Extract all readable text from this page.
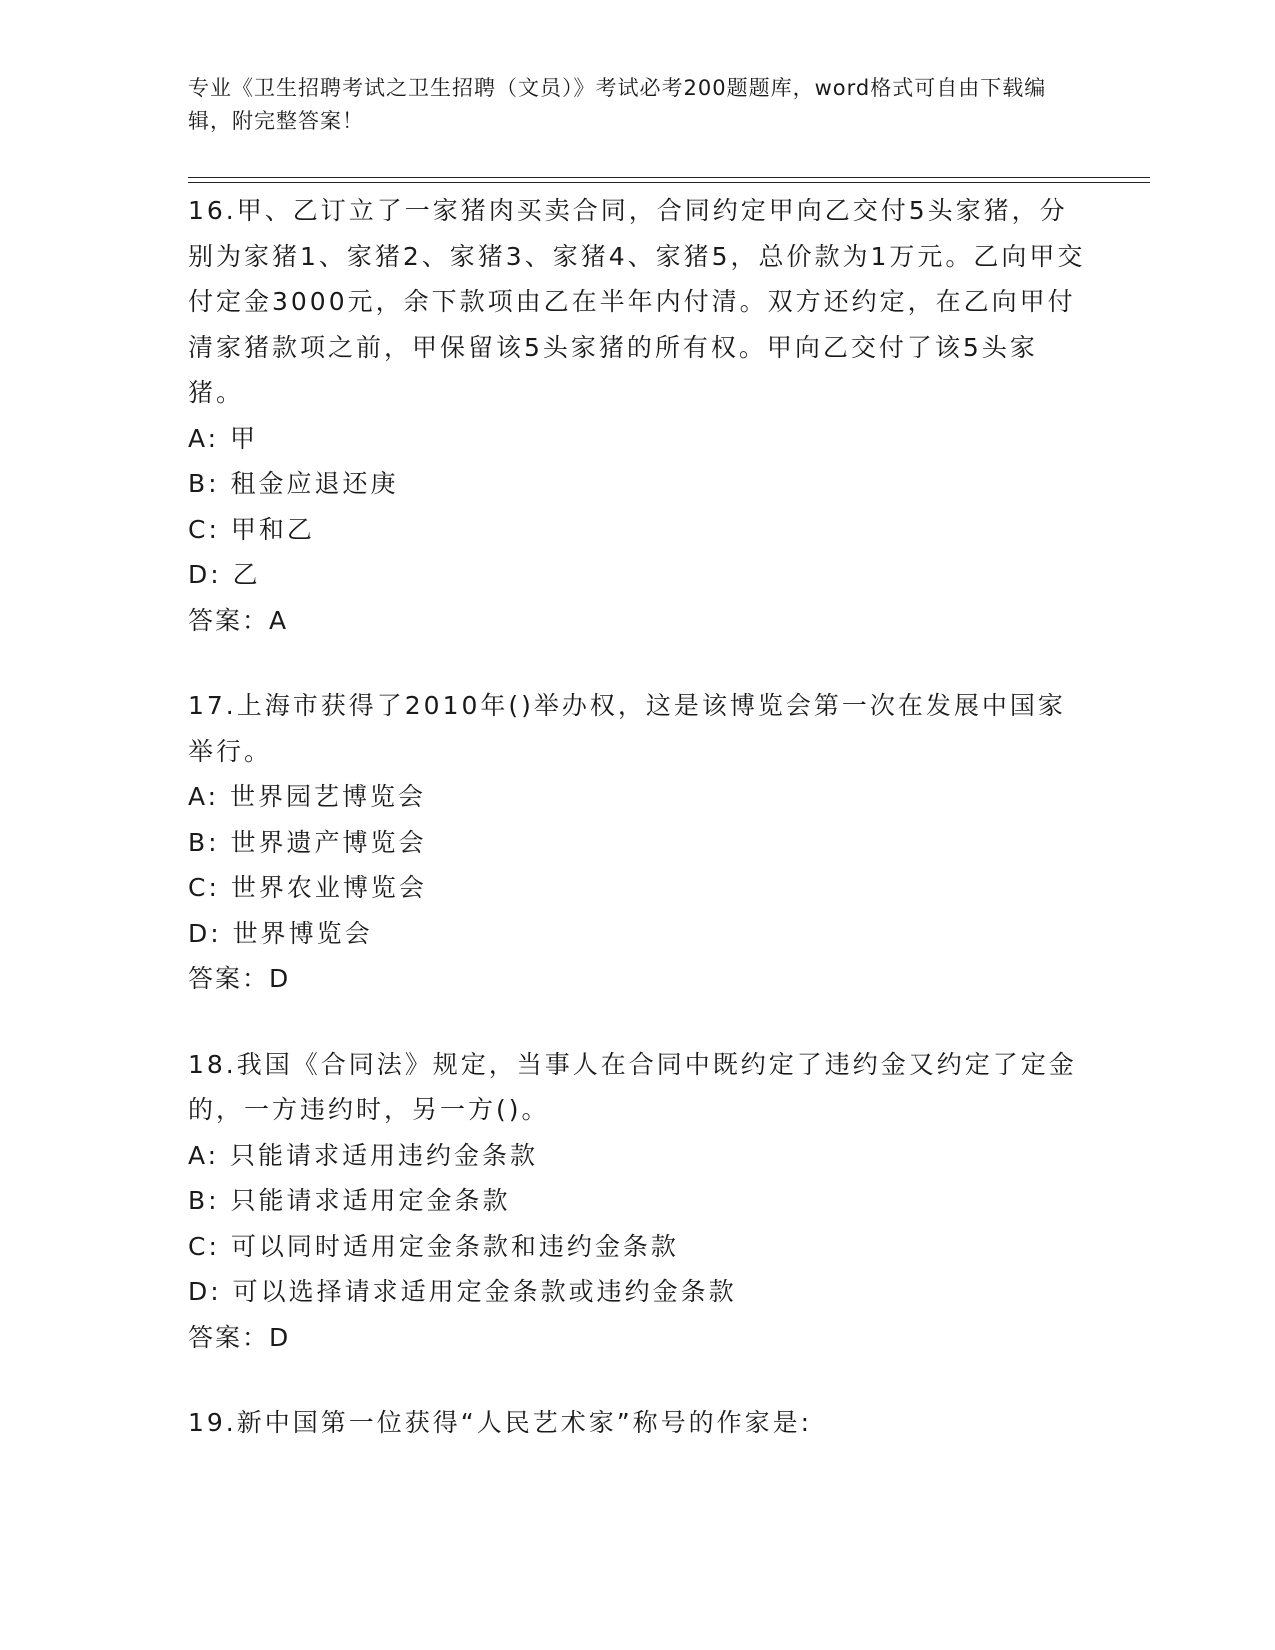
专业《卫生招聘考试之卫生招聘（文员）》考试必考200题题库，word格式可自由下载编辑，附完整答案！

16.甲、乙订立了一家猪肉买卖合同，合同约定甲向乙交付5头家猪，分别为家猪1、家猪2、家猪3、家猪4、家猪5，总价款为1万元。乙向甲交付定金3000元，余下款项由乙在半年内付清。双方还约定，在乙向甲付清家猪款项之前，甲保留该5头家猪的所有权。甲向乙交付了该5头家猪。

A: 甲

B: 租金应退还庚

C: 甲和乙

D: 乙

答案：A

17.上海市获得了2010年()举办权，这是该博览会第一次在发展中国家举行。

A: 世界园艺博览会

B: 世界遗产博览会

C: 世界农业博览会

D: 世界博览会

答案：D

18.我国《合同法》规定，当事人在合同中既约定了违约金又约定了定金的，一方违约时，另一方()。

A: 只能请求适用违约金条款

B: 只能请求适用定金条款

C: 可以同时适用定金条款和违约金条款

D: 可以选择请求适用定金条款或违约金条款

答案：D

19.新中国第一位获得“人民艺术家”称号的作家是:
